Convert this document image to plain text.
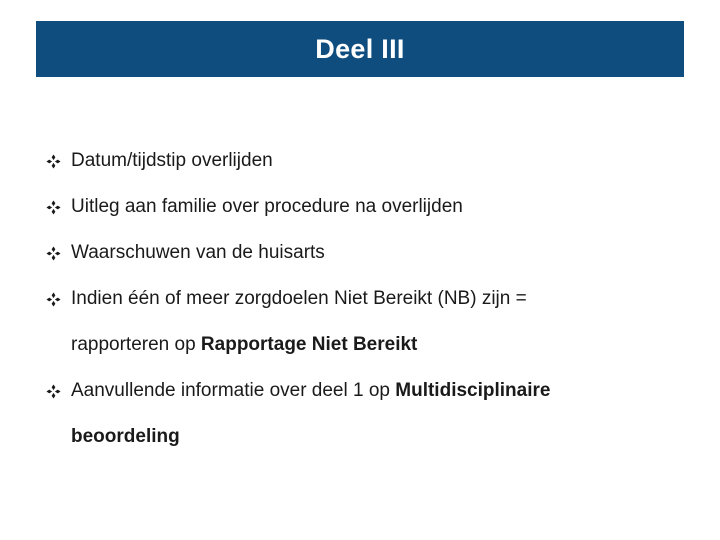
Deel III
Datum/tijdstip overlijden
Uitleg aan familie over procedure na overlijden
Waarschuwen van de huisarts
Indien één of meer zorgdoelen Niet Bereikt (NB) zijn =
rapporteren op Rapportage Niet Bereikt
Aanvullende informatie over deel 1 op Multidisciplinaire
beoordeling
